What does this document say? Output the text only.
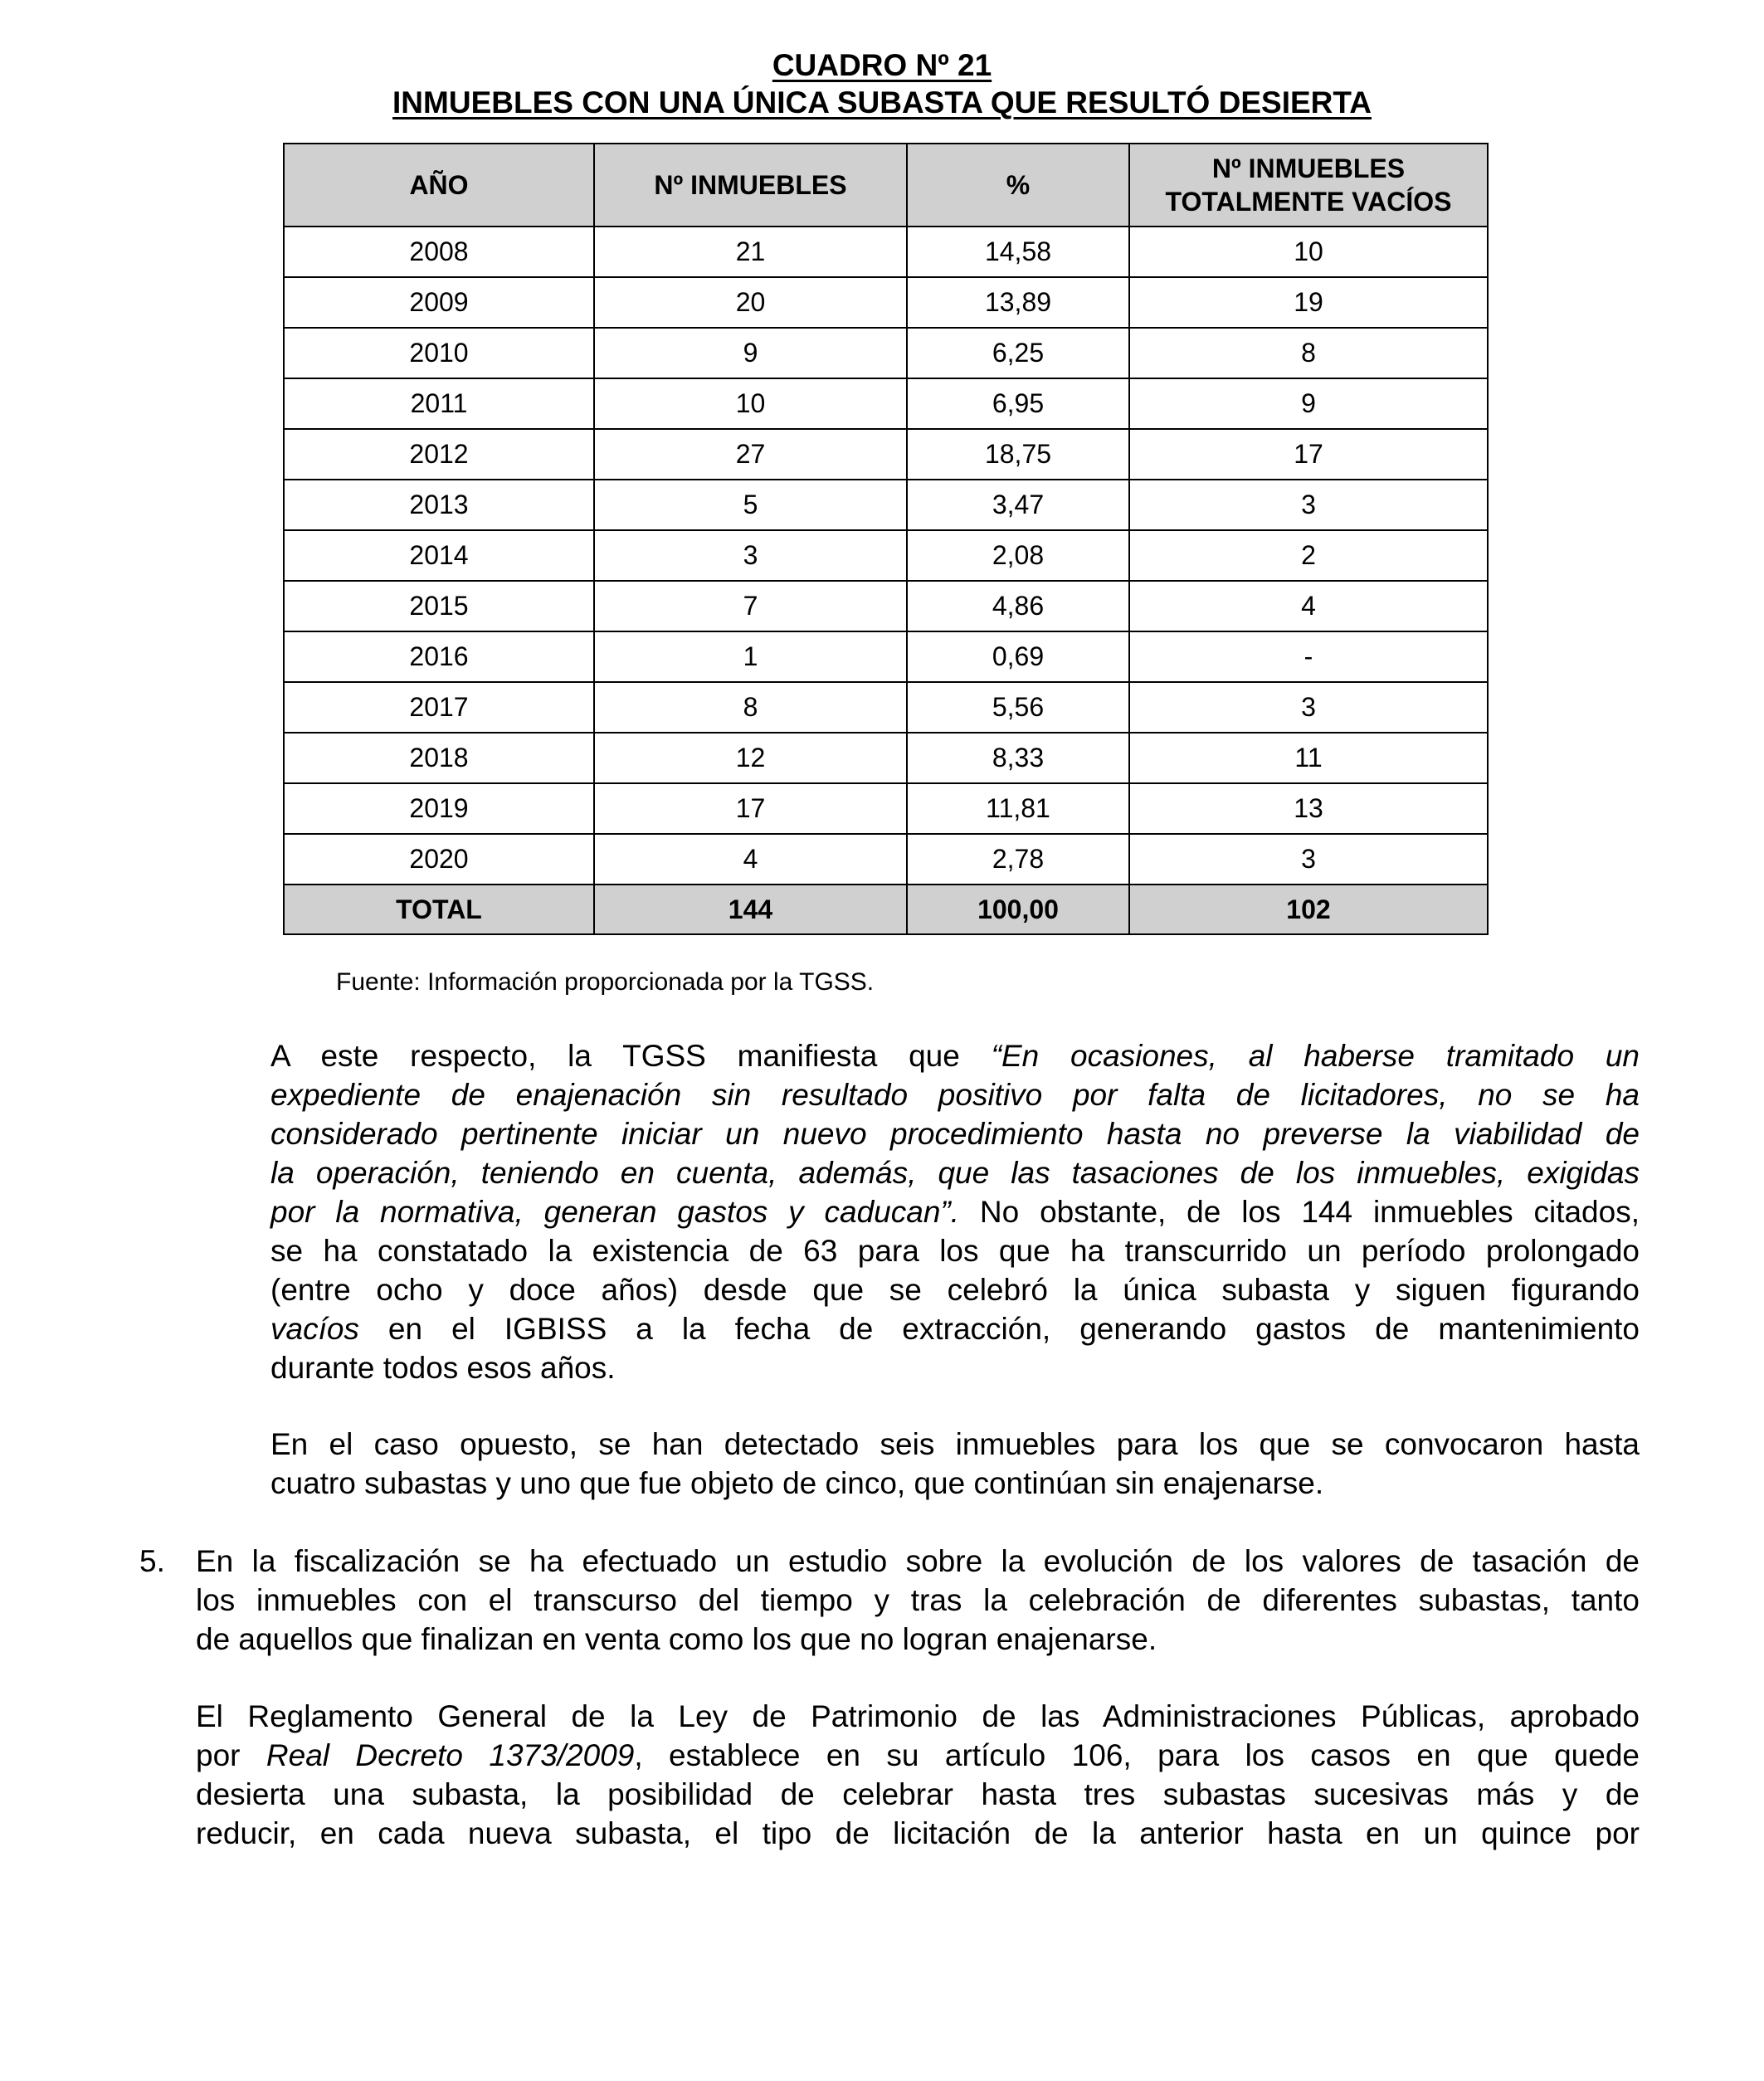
CUADRO Nº 21
INMUEBLES CON UNA ÚNICA SUBASTA QUE RESULTÓ DESIERTA
AÑO	Nº INMUEBLES	%	Nº INMUEBLES
TOTALMENTE VACÍOS
2008	21	14,58	10
2009	20	13,89	19
2010	9	6,25	8
2011	10	6,95	9
2012	27	18,75	17
2013	5	3,47	3
2014	3	2,08	2
2015	7	4,86	4
2016	1	0,69	-
2017	8	5,56	3
2018	12	8,33	11
2019	17	11,81	13
2020	4	2,78	3
TOTAL	144	100,00	102
Fuente: Información proporcionada por la TGSS.
A este respecto, la TGSS manifiesta que “En ocasiones, al haberse tramitado un
expediente de enajenación sin resultado positivo por falta de licitadores, no se ha
considerado pertinente iniciar un nuevo procedimiento hasta no preverse la viabilidad de
la operación, teniendo en cuenta, además, que las tasaciones de los inmuebles, exigidas
por la normativa, generan gastos y caducan”. No obstante, de los 144 inmuebles citados,
se ha constatado la existencia de 63 para los que ha transcurrido un período prolongado
(entre ocho y doce años) desde que se celebró la única subasta y siguen figurando
vacíos en el IGBISS a la fecha de extracción, generando gastos de mantenimiento
durante todos esos años.
En el caso opuesto, se han detectado seis inmuebles para los que se convocaron hasta
cuatro subastas y uno que fue objeto de cinco, que continúan sin enajenarse.
5. En la fiscalización se ha efectuado un estudio sobre la evolución de los valores de tasación de
los inmuebles con el transcurso del tiempo y tras la celebración de diferentes subastas, tanto
de aquellos que finalizan en venta como los que no logran enajenarse.
El Reglamento General de la Ley de Patrimonio de las Administraciones Públicas, aprobado
por Real Decreto 1373/2009, establece en su artículo 106, para los casos en que quede
desierta una subasta, la posibilidad de celebrar hasta tres subastas sucesivas más y de
reducir, en cada nueva subasta, el tipo de licitación de la anterior hasta en un quince por
